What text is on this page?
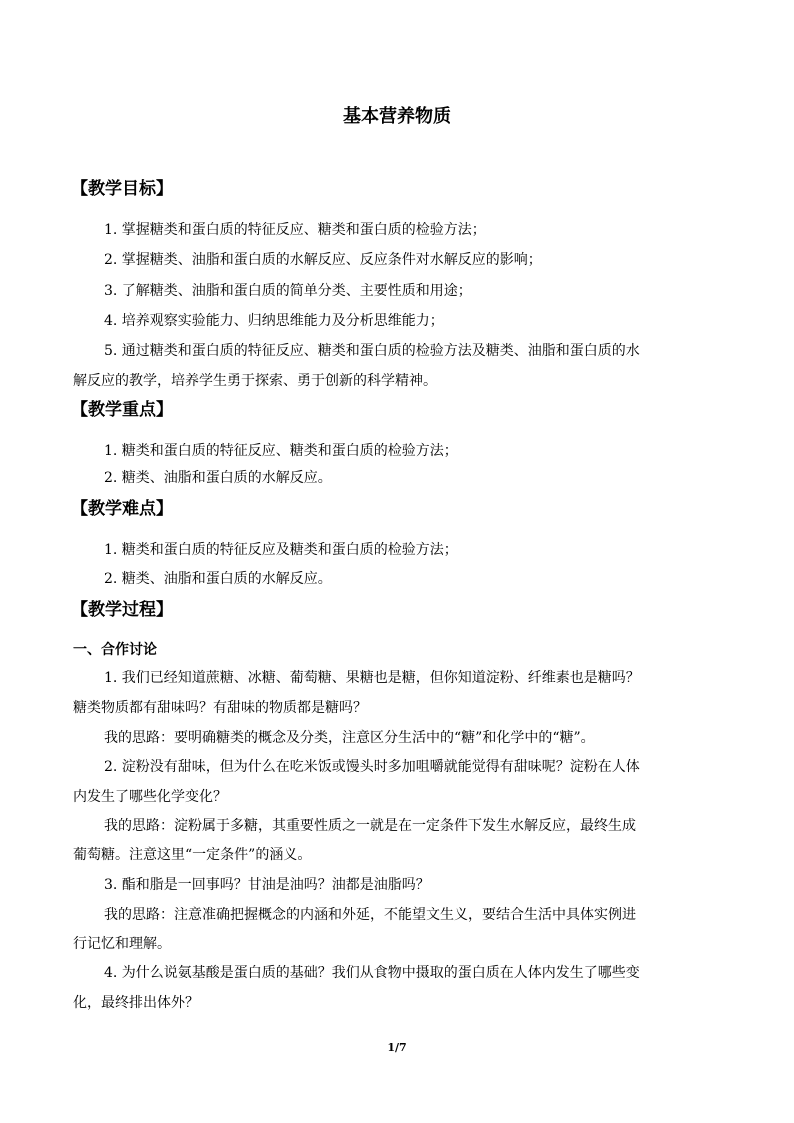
基本营养物质
【教学目标】
1. 掌握糖类和蛋白质的特征反应、糖类和蛋白质的检验方法；
2. 掌握糖类、油脂和蛋白质的水解反应、反应条件对水解反应的影响；
3. 了解糖类、油脂和蛋白质的简单分类、主要性质和用途；
4. 培养观察实验能力、归纳思维能力及分析思维能力；
5. 通过糖类和蛋白质的特征反应、糖类和蛋白质的检验方法及糖类、油脂和蛋白质的水
解反应的教学，培养学生勇于探索、勇于创新的科学精神。
【教学重点】
1. 糖类和蛋白质的特征反应、糖类和蛋白质的检验方法；
2. 糖类、油脂和蛋白质的水解反应。
【教学难点】
1. 糖类和蛋白质的特征反应及糖类和蛋白质的检验方法；
2. 糖类、油脂和蛋白质的水解反应。
【教学过程】
一、合作讨论
1. 我们已经知道蔗糖、冰糖、葡萄糖、果糖也是糖，但你知道淀粉、纤维素也是糖吗？
糖类物质都有甜味吗？有甜味的物质都是糖吗？
我的思路：要明确糖类的概念及分类，注意区分生活中的“糖”和化学中的“糖”。
2. 淀粉没有甜味，但为什么在吃米饭或馒头时多加咀嚼就能觉得有甜味呢？淀粉在人体
内发生了哪些化学变化？
我的思路：淀粉属于多糖，其重要性质之一就是在一定条件下发生水解反应，最终生成
葡萄糖。注意这里“一定条件”的涵义。
3. 酯和脂是一回事吗？甘油是油吗？油都是油脂吗？
我的思路：注意准确把握概念的内涵和外延，不能望文生义，要结合生活中具体实例进
行记忆和理解。
4. 为什么说氨基酸是蛋白质的基础？我们从食物中摄取的蛋白质在人体内发生了哪些变
化，最终排出体外？
1/7
